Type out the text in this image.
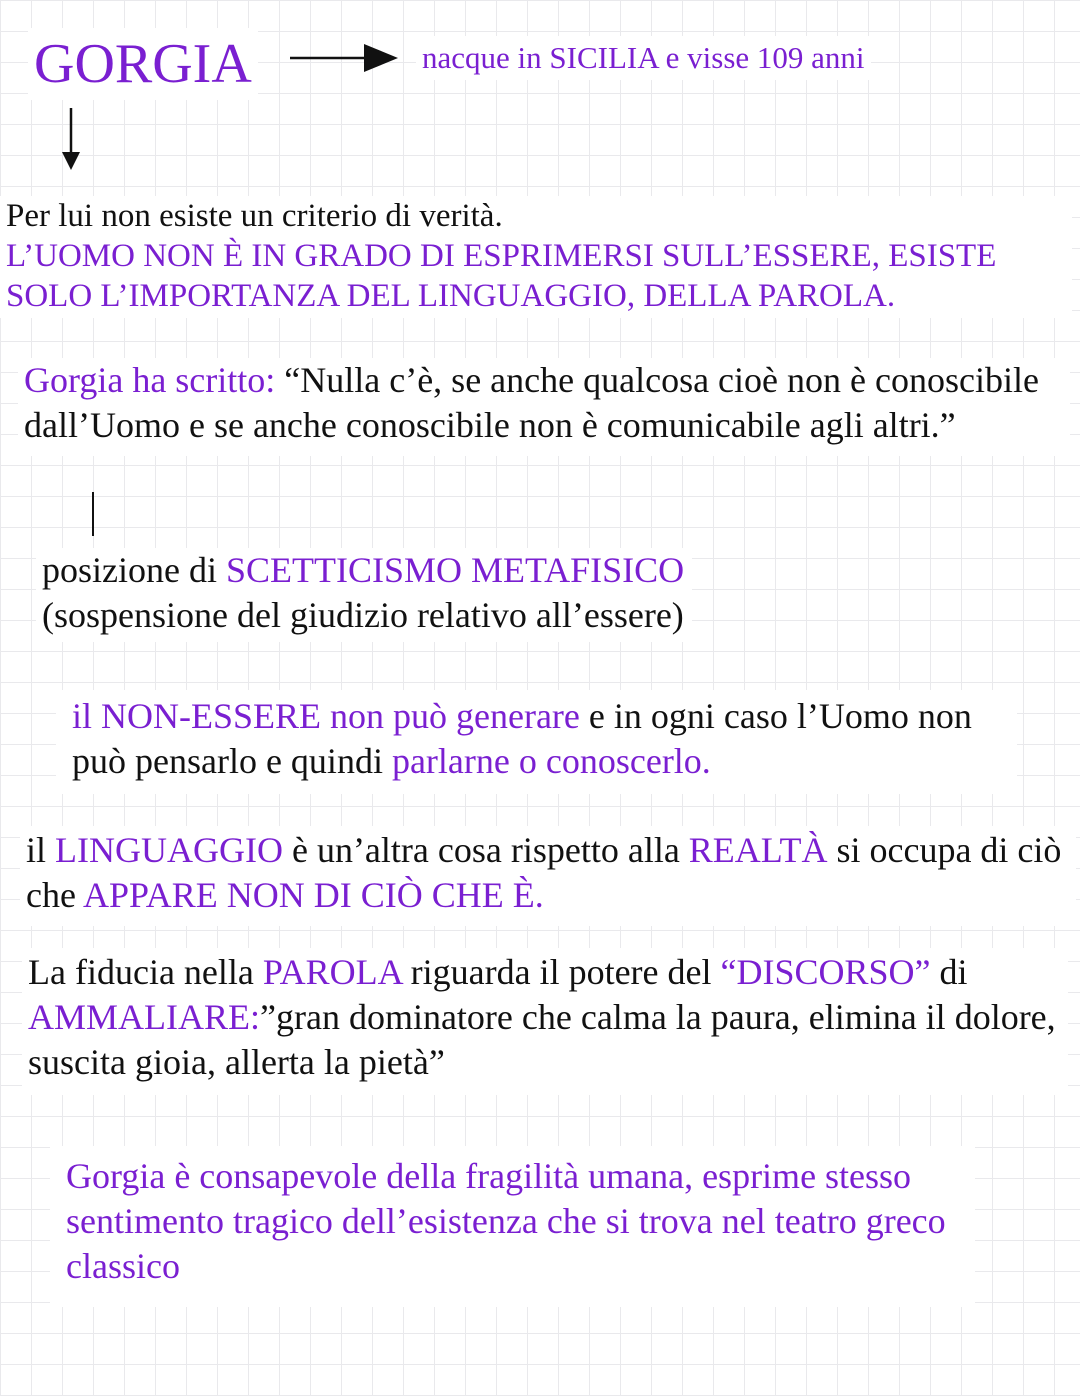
GORGIA	nacque in SICILIA e visse 109 anni
Per lui non esiste un criterio di verità.
L’UOMO NON È IN GRADO DI ESPRIMERSI SULL’ESSERE, ESISTE SOLO L’IMPORTANZA DEL LINGUAGGIO, DELLA PAROLA.
Gorgia ha scritto: “Nulla c’è, se anche qualcosa cioè non è conoscibile dall’Uomo e se anche conoscibile non è comunicabile agli altri.”
posizione di SCETTICISMO METAFISICO
(sospensione del giudizio relativo all’essere)
il NON-ESSERE non può generare e in ogni caso l’Uomo non può pensarlo e quindi parlarne o conoscerlo.
il LINGUAGGIO è un’altra cosa rispetto alla REALTÀ si occupa di ciò che APPARE NON DI CIÒ CHE È.
La fiducia nella PAROLA riguarda il potere del “DISCORSO” di AMMALIARE:”gran dominatore che calma la paura, elimina il dolore, suscita gioia, allerta la pietà”
Gorgia è consapevole della fragilità umana, esprime stesso sentimento tragico dell’esistenza che si trova nel teatro greco classico
